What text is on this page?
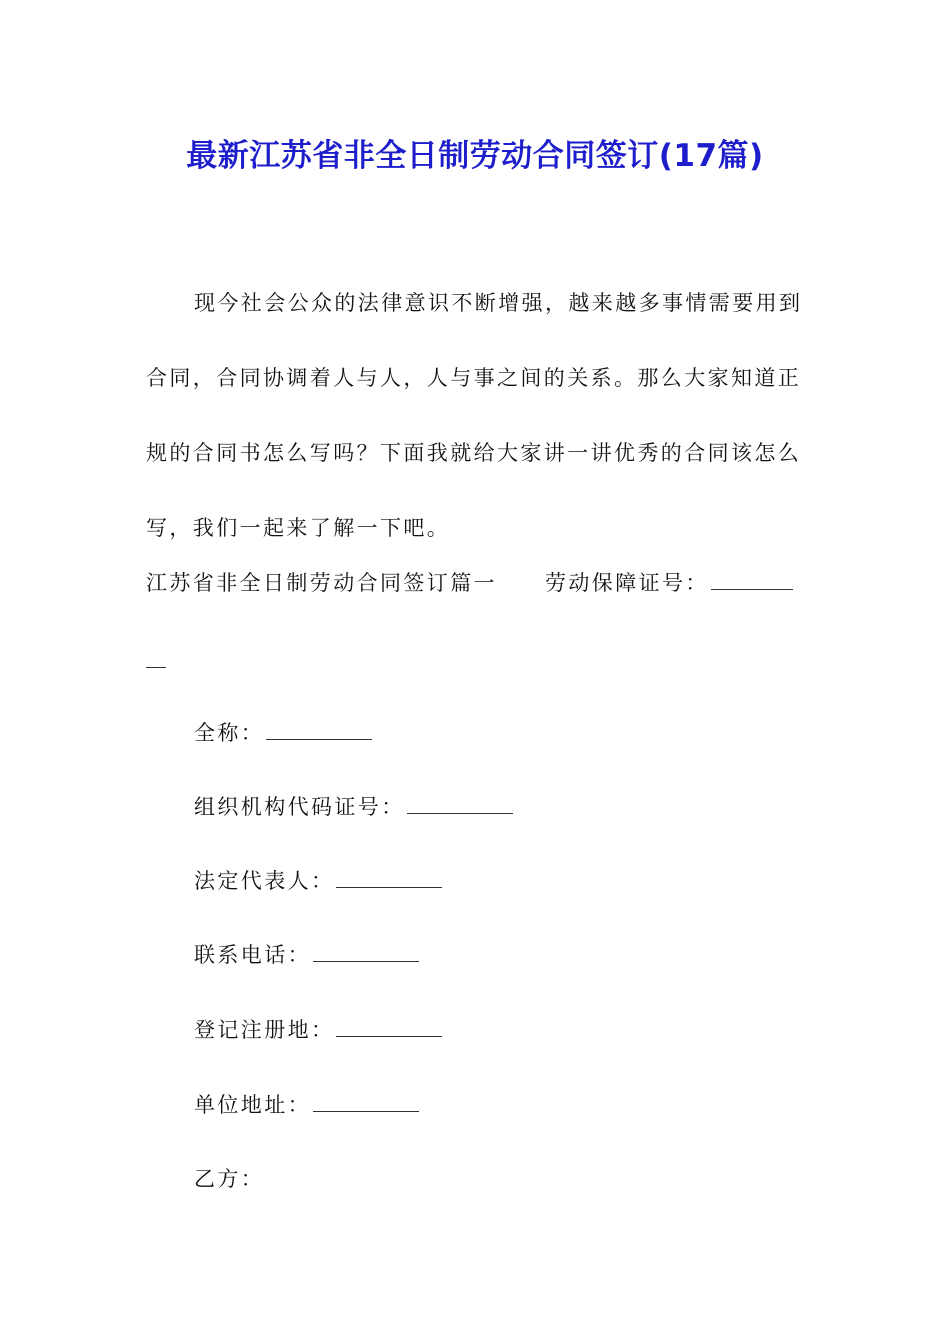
最新江苏省非全日制劳动合同签订(17篇)

现今社会公众的法律意识不断增强，越来越多事情需要用到合同，合同协调着人与人，人与事之间的关系。那么大家知道正规的合同书怎么写吗？下面我就给大家讲一讲优秀的合同该怎么写，我们一起来了解一下吧。

江苏省非全日制劳动合同签订篇一 劳动保障证号：
全称：
组织机构代码证号：
法定代表人：
联系电话：
登记注册地：
单位地址：
乙方：
